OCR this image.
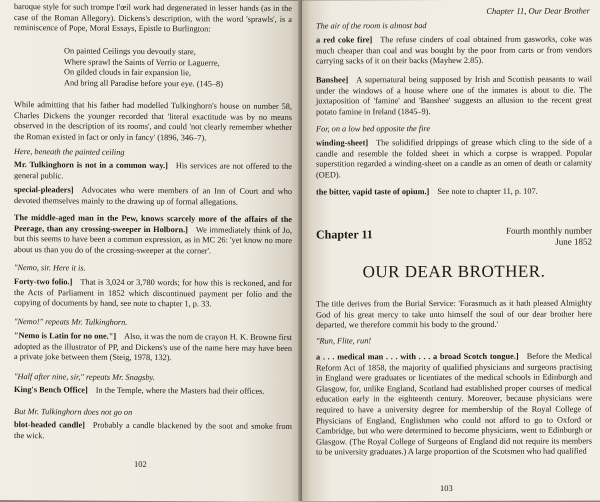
baroque style for such trompe l'œil work had degenerated in lesser hands (as in the case of the Roman Allegory). Dickens's description, with the word 'sprawls', is a reminiscence of Pope, Moral Essays, Epistle to Burlington:
On painted Ceilings you devoutly stare,
Where sprawl the Saints of Verrio or Laguerre,
On gilded clouds in fair expansion lie,
And bring all Paradise before your eye. (145–8)
While admitting that his father had modelled Tulkinghorn's house on number 58, Charles Dickens the younger recorded that 'literal exactitude was by no means observed in the description of its rooms', and could 'not clearly remember whether the Roman existed in fact or only in fancy' (1896, 346–7).
Here, beneath the painted ceiling
Mr. Tulkinghorn is not in a common way.] His services are not offered to the general public.
special-pleaders] Advocates who were members of an Inn of Court and who devoted themselves mainly to the drawing up of formal allegations.
The middle-aged man in the Pew, knows scarcely more of the affairs of the Peerage, than any crossing-sweeper in Holborn.] We immediately think of Jo, but this seems to have been a common expression, as in MC 26: 'yet know no more about us than you do of the crossing-sweeper at the corner'.
"Nemo, sir. Here it is.
Forty-two folio.] That is 3,024 or 3,780 words; for how this is reckoned, and for the Acts of Parliament in 1852 which discontinued payment per folio and the copying of documents by hand, see note to chapter 1, p. 33.
"Nemo!" repeats Mr. Tulkinghorn.
"Nemo is Latin for no one."] Also, it was the nom de crayon H. K. Browne first adopted as the illustrator of PP, and Dickens's use of the name here may have been a private joke between them (Steig, 1978, 132).
"Half after nine, sir," repeats Mr. Snagsby.
King's Bench Office] In the Temple, where the Masters had their offices.
But Mr. Tulkinghorn does not go on
blot-headed candle] Probably a candle blackened by the soot and smoke from the wick.
102
Chapter 11, Our Dear Brother
The air of the room is almost bad
a red coke fire] The refuse cinders of coal obtained from gasworks, coke was much cheaper than coal and was bought by the poor from carts or from vendors carrying sacks of it on their backs (Mayhew 2.85).
Banshee] A supernatural being supposed by Irish and Scottish peasants to wail under the windows of a house where one of the inmates is about to die. The juxtaposition of 'famine' and 'Banshee' suggests an allusion to the recent great potato famine in Ireland (1845–9).
For, on a low bed opposite the fire
winding-sheet] The solidified drippings of grease which cling to the side of a candle and resemble the folded sheet in which a corpse is wrapped. Popular superstition regarded a winding-sheet on a candle as an omen of death or calamity (OED).
the bitter, vapid taste of opium.] See note to chapter 11, p. 107.
Chapter 11	Fourth monthly number
June 1852
OUR DEAR BROTHER.
The title derives from the Burial Service: 'Forasmuch as it hath pleased Almighty God of his great mercy to take unto himself the soul of our dear brother here departed, we therefore commit his body to the ground.'
"Run, Flite, run!
a . . . medical man . . . with . . . a broad Scotch tongue.] Before the Medical Reform Act of 1858, the majority of qualified physicians and surgeons practising in England were graduates or licentiates of the medical schools in Edinburgh and Glasgow, for, unlike England, Scotland had established proper courses of medical education early in the eighteenth century. Moreover, because physicians were required to have a university degree for membership of the Royal College of Physicians of England, Englishmen who could not afford to go to Oxford or Cambridge, but who were determined to become physicians, went to Edinburgh or Glasgow. (The Royal College of Surgeons of England did not require its members to be university graduates.) A large proportion of the Scotsmen who had qualified
103
